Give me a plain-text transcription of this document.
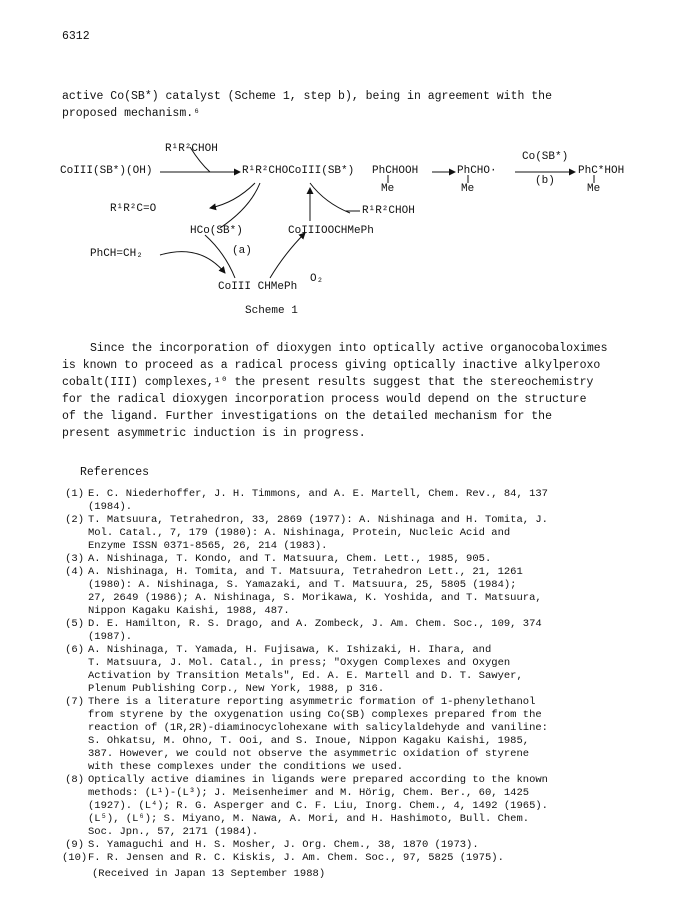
6312
active Co(SB*) catalyst (Scheme 1, step b), being in agreement with the
proposed mechanism.⁶
R¹R²CHOH
CoIII(SB*)(OH)	R¹R²CHOCoIII(SB*) PhCHOOH
Me
PhCHO·
Me
Co(SB*)
(b)
PhC*HOH
Me
R¹R²C=O	R¹R²CHOH
HCo(SB*)	CoIIIOOCHMePh
PhCH=CH₂	(a)
O₂
CoIII CHMePh
Scheme 1
Since the incorporation of dioxygen into optically active organocobaloximes
is known to proceed as a radical process giving optically inactive alkylperoxo
cobalt(III) complexes,¹⁰ the present results suggest that the stereochemistry
for the radical dioxygen incorporation process would depend on the structure
of the ligand. Further investigations on the detailed mechanism for the
present asymmetric induction is in progress.
References
(1) E. C. Niederhoffer, J. H. Timmons, and A. E. Martell, Chem. Rev., 84, 137
(1984).
(2) T. Matsuura, Tetrahedron, 33, 2869 (1977): A. Nishinaga and H. Tomita, J.
Mol. Catal., 7, 179 (1980): A. Nishinaga, Protein, Nucleic Acid and
Enzyme ISSN 0371-8565, 26, 214 (1983).
(3) A. Nishinaga, T. Kondo, and T. Matsuura, Chem. Lett., 1985, 905.
(4) A. Nishinaga, H. Tomita, and T. Matsuura, Tetrahedron Lett., 21, 1261
(1980): A. Nishinaga, S. Yamazaki, and T. Matsuura, 25, 5805 (1984);
27, 2649 (1986); A. Nishinaga, S. Morikawa, K. Yoshida, and T. Matsuura,
Nippon Kagaku Kaishi, 1988, 487.
(5) D. E. Hamilton, R. S. Drago, and A. Zombeck, J. Am. Chem. Soc., 109, 374
(1987).
(6) A. Nishinaga, T. Yamada, H. Fujisawa, K. Ishizaki, H. Ihara, and
T. Matsuura, J. Mol. Catal., in press; "Oxygen Complexes and Oxygen
Activation by Transition Metals", Ed. A. E. Martell and D. T. Sawyer,
Plenum Publishing Corp., New York, 1988, p 316.
(7) There is a literature reporting asymmetric formation of 1-phenylethanol
from styrene by the oxygenation using Co(SB) complexes prepared from the
reaction of (1R,2R)-diaminocyclohexane with salicylaldehyde and vaniline:
S. Ohkatsu, M. Ohno, T. Ooi, and S. Inoue, Nippon Kagaku Kaishi, 1985,
387. However, we could not observe the asymmetric oxidation of styrene
with these complexes under the conditions we used.
(8) Optically active diamines in ligands were prepared according to the known
methods: (L¹)-(L³); J. Meisenheimer and M. Hörig, Chem. Ber., 60, 1425
(1927). (L⁴); R. G. Asperger and C. F. Liu, Inorg. Chem., 4, 1492 (1965).
(L⁵), (L⁶); S. Miyano, M. Nawa, A. Mori, and H. Hashimoto, Bull. Chem.
Soc. Jpn., 57, 2171 (1984).
(9) S. Yamaguchi and H. S. Mosher, J. Org. Chem., 38, 1870 (1973).
(10) F. R. Jensen and R. C. Kiskis, J. Am. Chem. Soc., 97, 5825 (1975).
(Received in Japan 13 September 1988)
